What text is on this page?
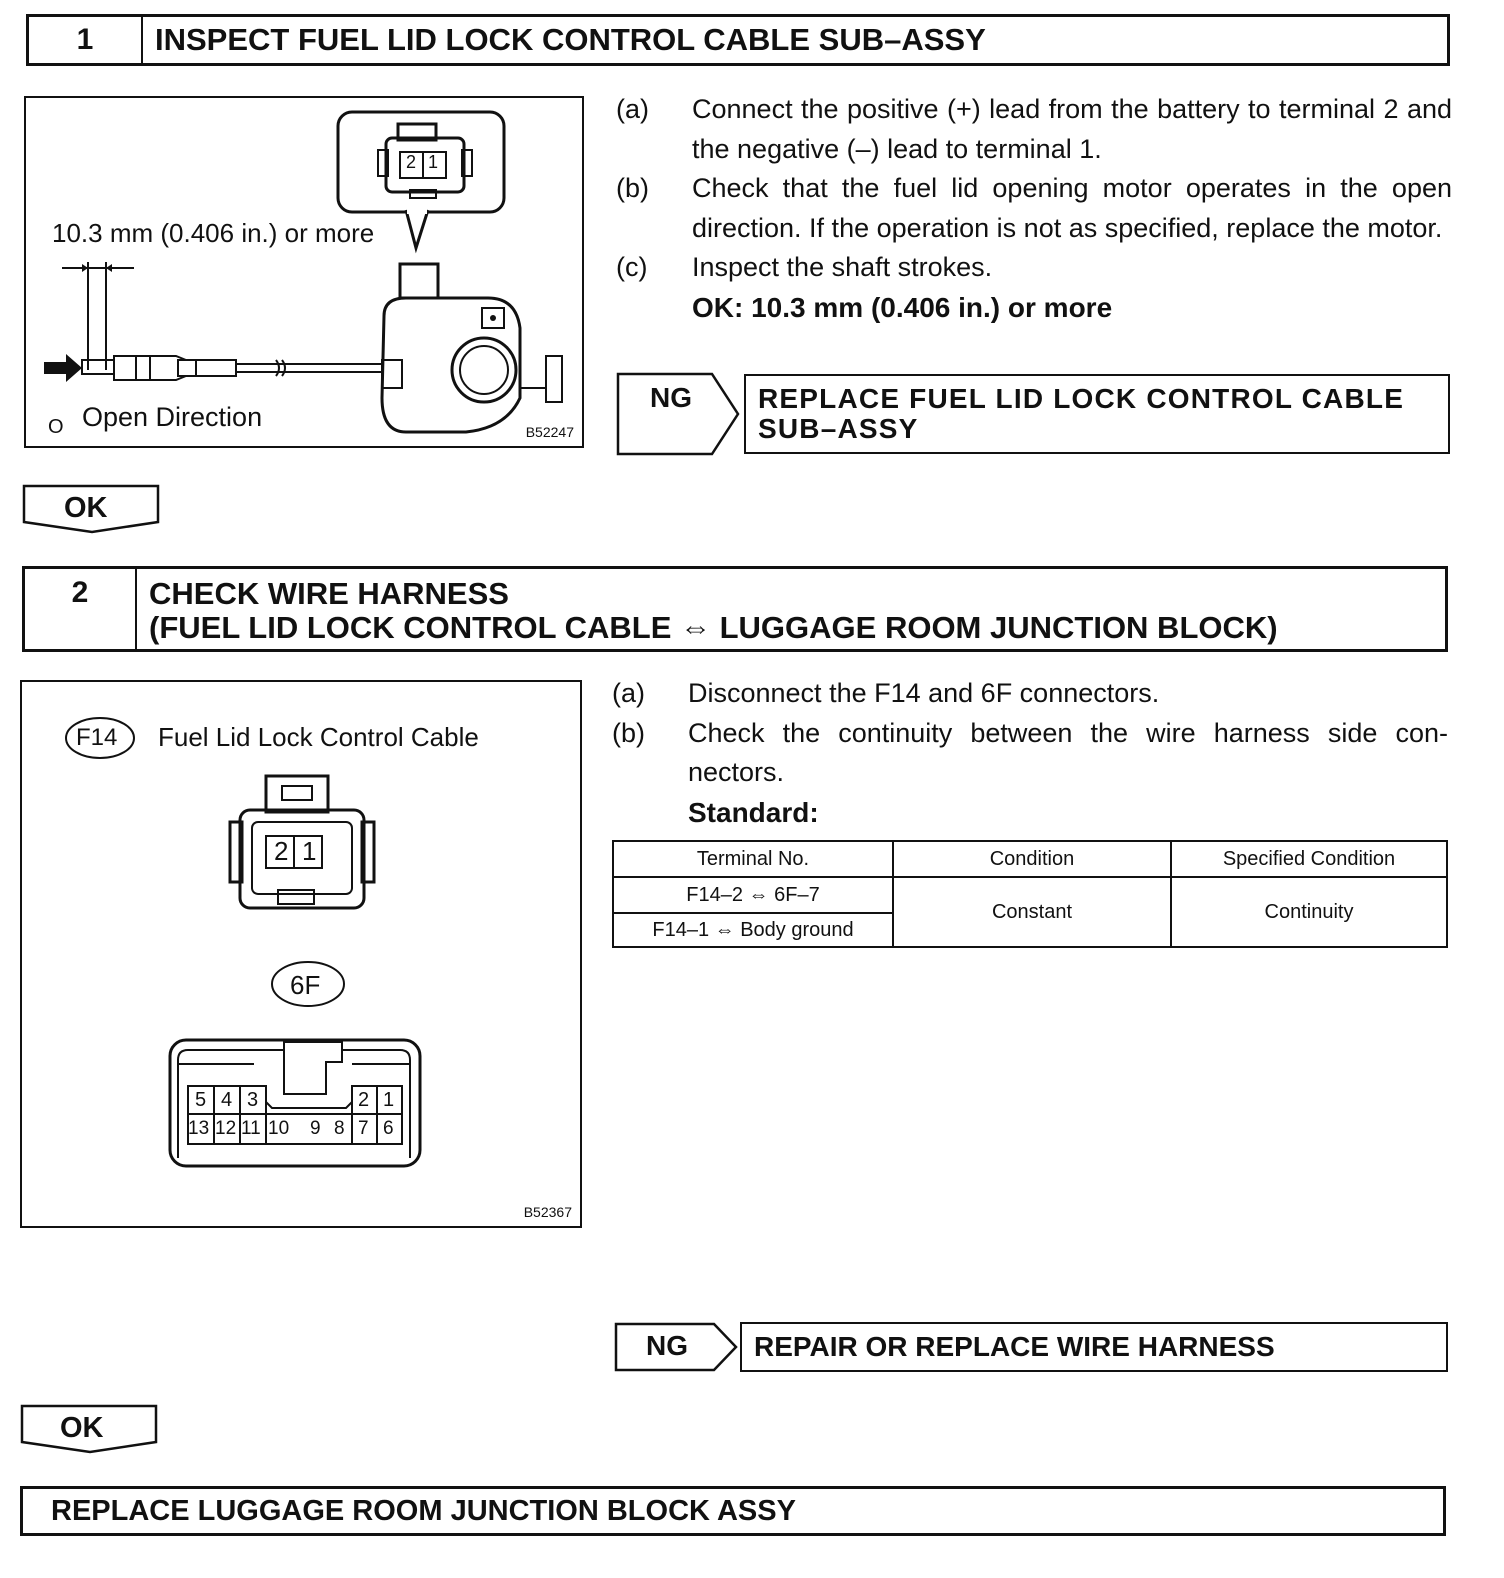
1	INSPECT FUEL LID LOCK CONTROL CABLE SUB–ASSY
10.3 mm (0.406 in.) or more
2 1
O Open Direction	B52247
(a)	Connect the positive (+) lead from the battery to terminal 2 and the negative (–) lead to terminal 1.
(b)	Check that the fuel lid opening motor operates in the open direction. If the operation is not as specified, replace the motor.
(c)	Inspect the shaft strokes.
OK: 10.3 mm (0.406 in.) or more
NG	REPLACE FUEL LID LOCK CONTROL CABLE SUB–ASSY
OK
2	CHECK WIRE HARNESS
(FUEL LID LOCK CONTROL CABLE ⇔ LUGGAGE ROOM JUNCTION BLOCK)
F14 Fuel Lid Lock Control Cable
2 1
6F
5 4 3	2 1
13 12 11 10 9 8 7 6
B52367
(a)	Disconnect the F14 and 6F connectors.
(b)	Check the continuity between the wire harness side con-nectors.
Standard:
Terminal No.	Condition	Specified Condition
F14–2 ⇔ 6F–7	Constant	Continuity
F14–1 ⇔ Body ground		
NG	REPAIR OR REPLACE WIRE HARNESS
OK
REPLACE LUGGAGE ROOM JUNCTION BLOCK ASSY
